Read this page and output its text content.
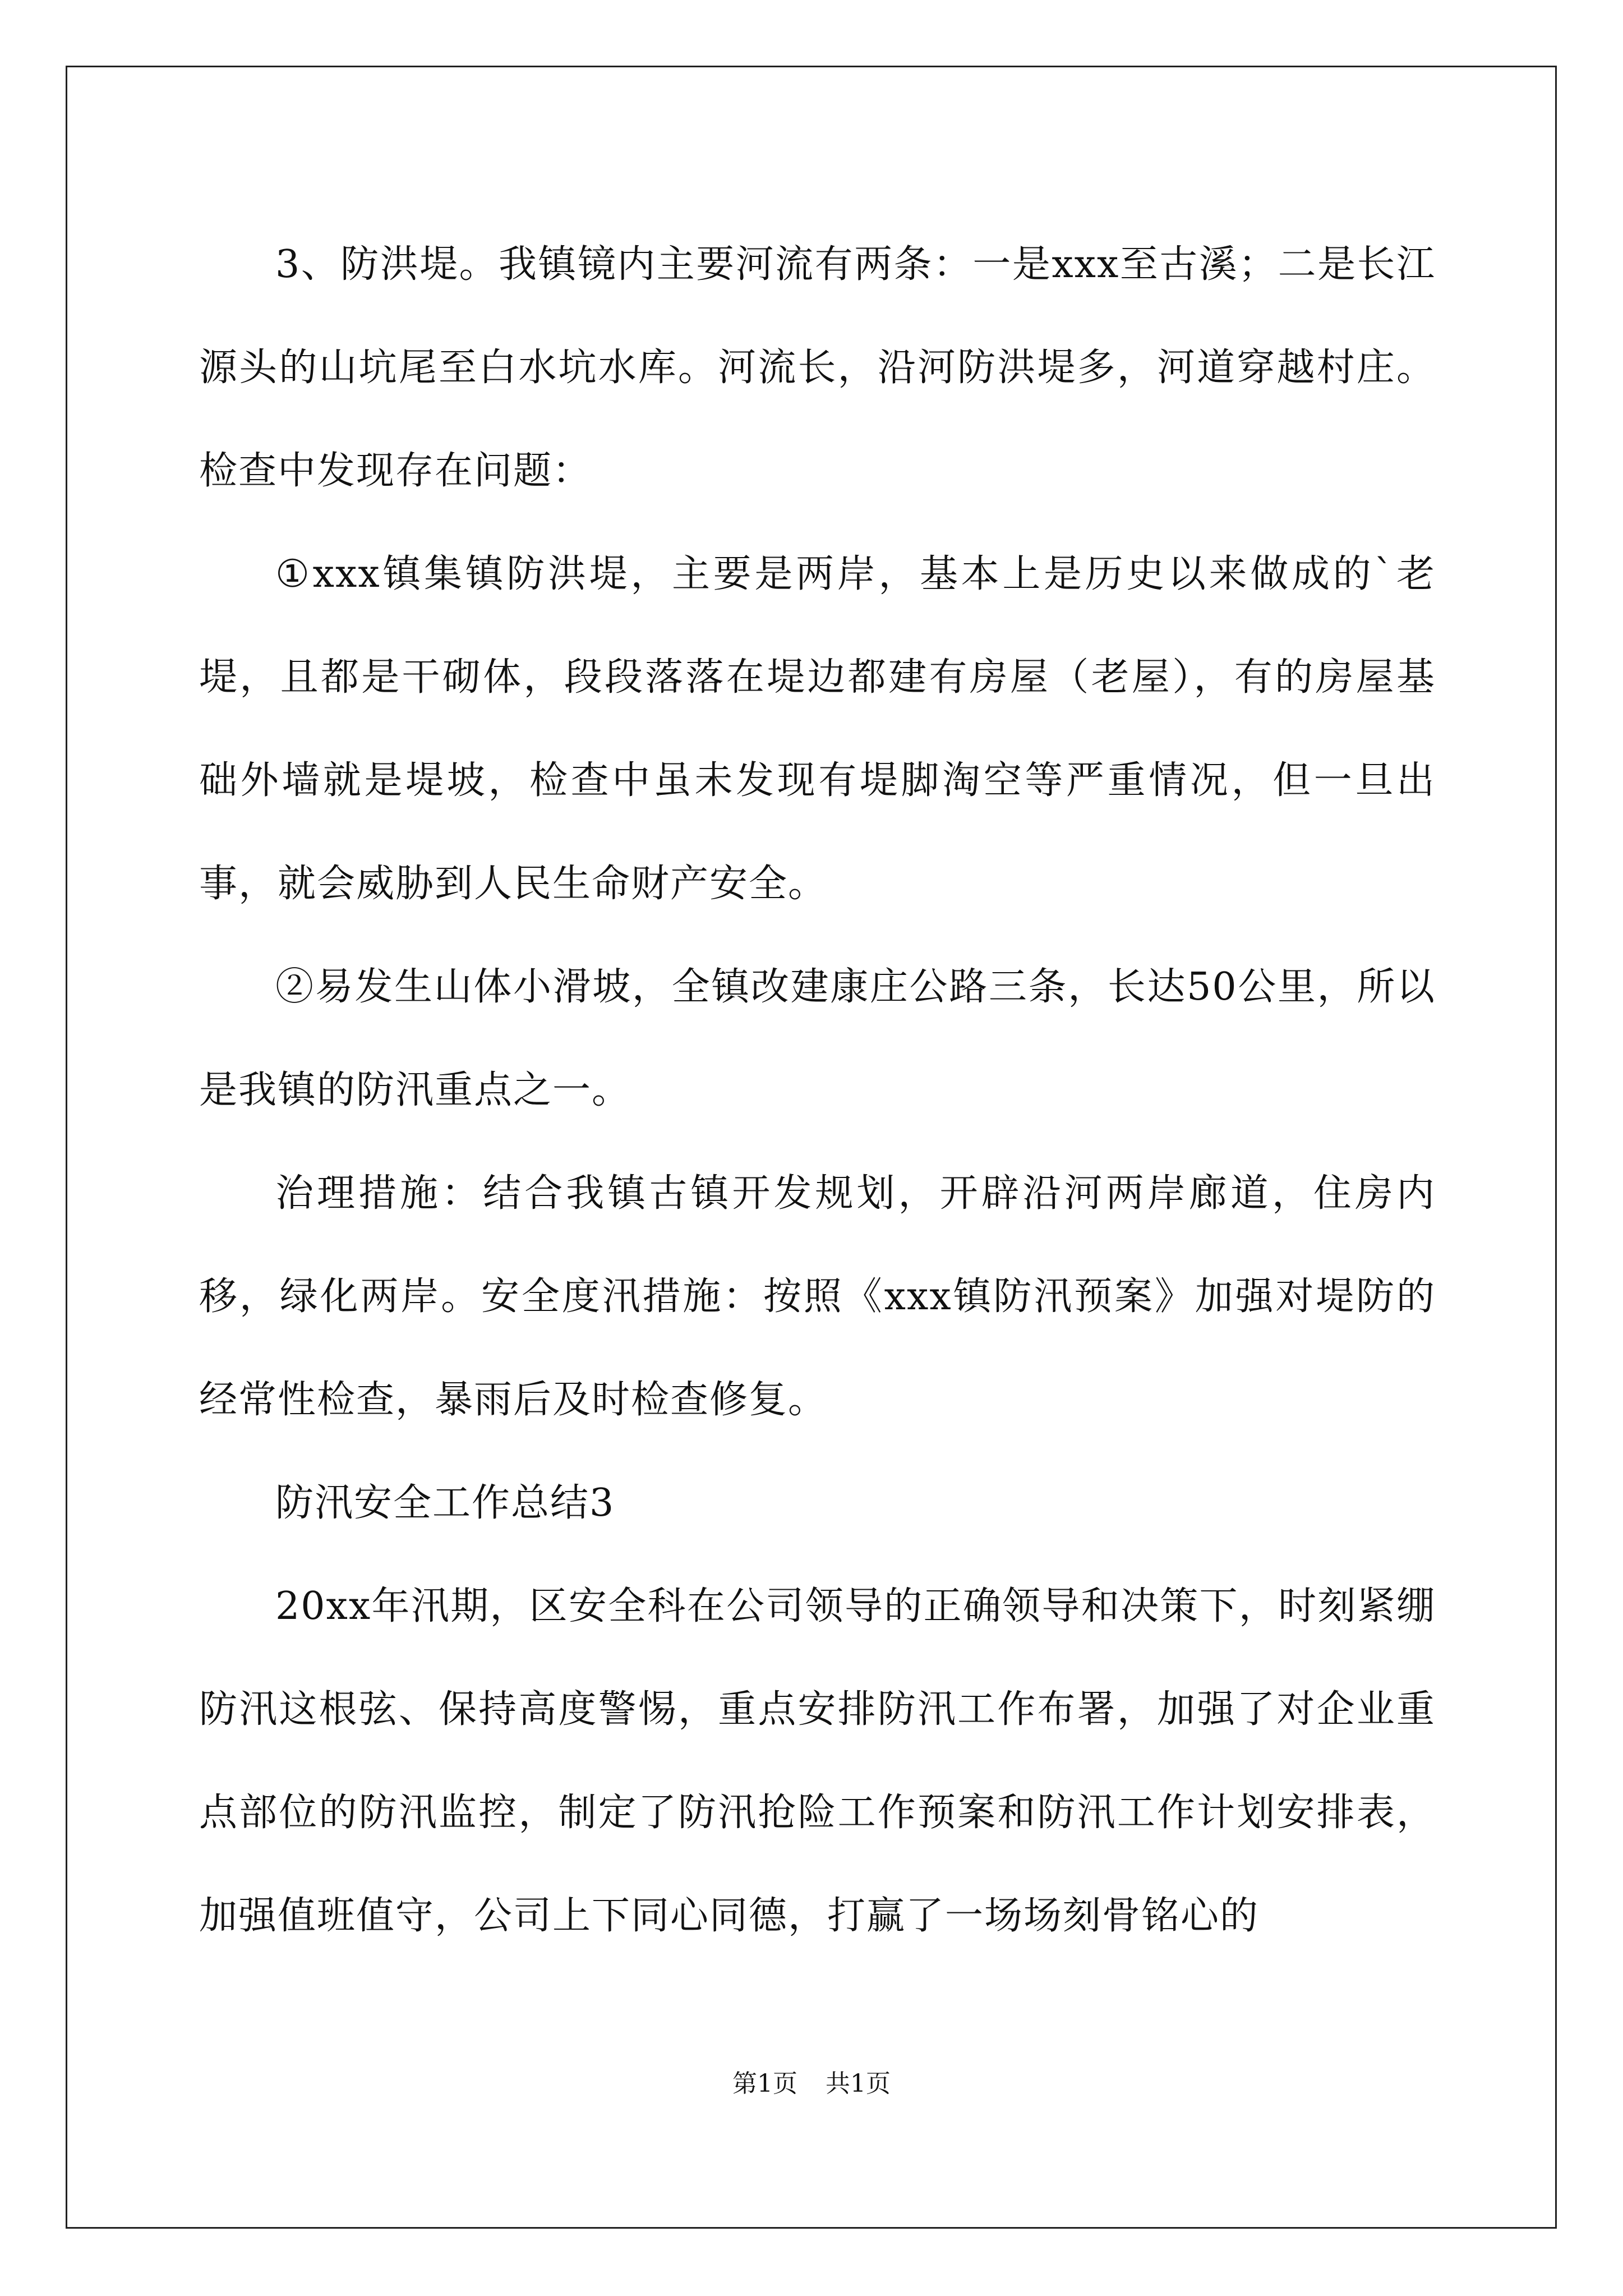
3、防洪堤。我镇镜内主要河流有两条：一是xxx至古溪；二是长江源头的山坑尾至白水坑水库。河流长，沿河防洪堤多，河道穿越村庄。检查中发现存在问题：

①xxx镇集镇防洪堤，主要是两岸，基本上是历史以来做成的`老堤，且都是干砌体，段段落落在堤边都建有房屋（老屋），有的房屋基础外墙就是堤坡，检查中虽未发现有堤脚淘空等严重情况，但一旦出事，就会威胁到人民生命财产安全。

②易发生山体小滑坡，全镇改建康庄公路三条，长达50公里，所以是我镇的防汛重点之一。

治理措施：结合我镇古镇开发规划，开辟沿河两岸廊道，住房内移，绿化两岸。安全度汛措施：按照《xxx镇防汛预案》加强对堤防的经常性检查，暴雨后及时检查修复。

防汛安全工作总结3

20xx年汛期，区安全科在公司领导的正确领导和决策下，时刻紧绷防汛这根弦、保持高度警惕，重点安排防汛工作布署，加强了对企业重点部位的防汛监控，制定了防汛抢险工作预案和防汛工作计划安排表，加强值班值守，公司上下同心同德，打赢了一场场刻骨铭心的

第1页 共1页
